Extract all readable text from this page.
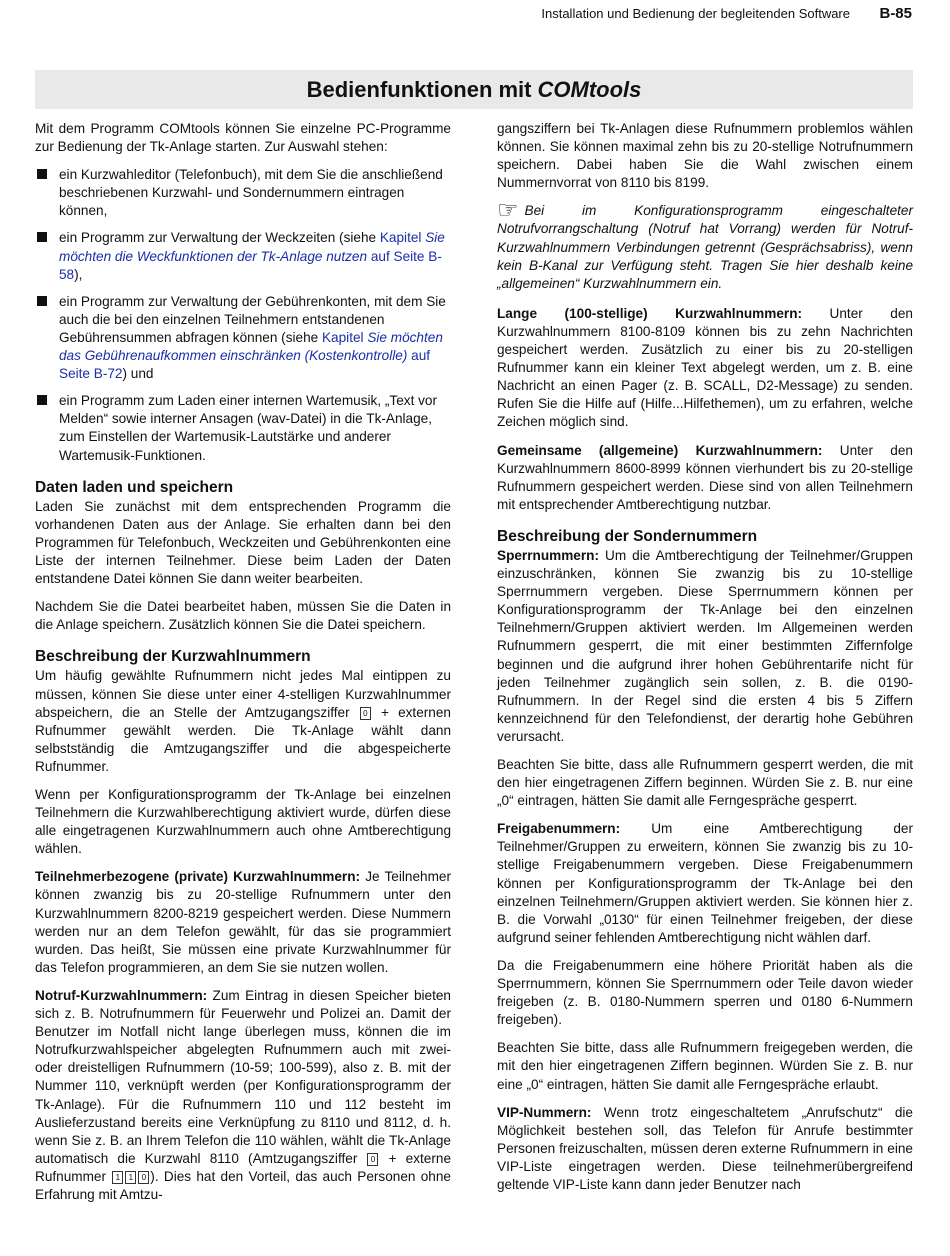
Installation und Bedienung der begleitenden Software B-85
Bedienfunktionen mit COMtools

Mit dem Programm COMtools können Sie einzelne PC-Programme zur Bedienung der Tk-Anlage starten. Zur Auswahl stehen:

ein Kurzwahleditor (Telefonbuch), mit dem Sie die anschließend beschriebenen Kurzwahl- und Sondernummern eintragen können,
ein Programm zur Verwaltung der Weckzeiten (siehe Kapitel Sie möchten die Weckfunktionen der Tk-Anlage nutzen auf Seite B-58),
ein Programm zur Verwaltung der Gebührenkonten, mit dem Sie auch die bei den einzelnen Teilnehmern entstandenen Gebührensummen abfragen können (siehe Kapitel Sie möchten das Gebührenaufkommen einschränken (Kostenkontrolle) auf Seite B-72) und
ein Programm zum Laden einer internen Wartemusik, „Text vor Melden“ sowie interner Ansagen (wav-Datei) in die Tk-Anlage, zum Einstellen der Wartemusik-Lautstärke und anderer Wartemusik-Funktionen.
Daten laden und speichern

Laden Sie zunächst mit dem entsprechenden Programm die vorhandenen Daten aus der Anlage. Sie erhalten dann bei den Programmen für Telefonbuch, Weckzeiten und Gebührenkonten eine Liste der internen Teilnehmer. Diese beim Laden der Daten entstandene Datei können Sie dann weiter bearbeiten.

Nachdem Sie die Datei bearbeitet haben, müssen Sie die Daten in die Anlage speichern. Zusätzlich können Sie die Datei speichern.

Beschreibung der Kurzwahlnummern

Um häufig gewählte Rufnummern nicht jedes Mal eintippen zu müssen, können Sie diese unter einer 4-stelligen Kurzwahlnummer abspeichern, die an Stelle der Amtzugangsziffer 0 + externen Rufnummer gewählt werden. Die Tk-Anlage wählt dann selbstständig die Amtzugangsziffer und die abgespeicherte Rufnummer.

Wenn per Konfigurationsprogramm der Tk-Anlage bei einzelnen Teilnehmern die Kurzwahlberechtigung aktiviert wurde, dürfen diese alle eingetragenen Kurzwahlnummern auch ohne Amtberechtigung wählen.

Teilnehmerbezogene (private) Kurzwahlnummern: Je Teilnehmer können zwanzig bis zu 20-stellige Rufnummern unter den Kurzwahlnummern 8200-8219 gespeichert werden. Diese Nummern werden nur an dem Telefon gewählt, für das sie programmiert wurden. Das heißt, Sie müssen eine private Kurzwahlnummer für das Telefon programmieren, an dem Sie sie nutzen wollen.

Notruf-Kurzwahlnummern: Zum Eintrag in diesen Speicher bieten sich z. B. Notrufnummern für Feuerwehr und Polizei an. Damit der Benutzer im Notfall nicht lange überlegen muss, können die im Notrufkurzwahlspeicher abgelegten Rufnummern auch mit zwei- oder dreistelligen Rufnummern (10-59; 100-599), also z. B. mit der Nummer 110, verknüpft werden (per Konfigurationsprogramm der Tk-Anlage). Für die Rufnummern 110 und 112 besteht im Auslieferzustand bereits eine Verknüpfung zu 8110 und 8112, d. h. wenn Sie z. B. an Ihrem Telefon die 110 wählen, wählt die Tk-Anlage automatisch die Kurzwahl 8110 (Amtzugangsziffer 0 + externe Rufnummer 1 1 0 ). Dies hat den Vorteil, das auch Personen ohne Erfahrung mit Amtzu-

gangsziffern bei Tk-Anlagen diese Rufnummern problemlos wählen können. Sie können maximal zehn bis zu 20-stellige Notrufnummern speichern. Dabei haben Sie die Wahl zwischen einem Nummernvorrat von 8110 bis 8199.

☞ Bei im Konfigurationsprogramm eingeschalteter Notrufvorrangschaltung (Notruf hat Vorrang) werden für Notruf-Kurzwahlnummern Verbindungen getrennt (Gesprächsabriss), wenn kein B-Kanal zur Verfügung steht. Tragen Sie hier deshalb keine „allgemeinen“ Kurzwahlnummern ein.

Lange (100-stellige) Kurzwahlnummern: Unter den Kurzwahlnummern 8100-8109 können bis zu zehn Nachrichten gespeichert werden. Zusätzlich zu einer bis zu 20-stelligen Rufnummer kann ein kleiner Text abgelegt werden, um z. B. eine Nachricht an einen Pager (z. B. SCALL, D2-Message) zu senden. Rufen Sie die Hilfe auf (Hilfe...Hilfethemen), um zu erfahren, welche Zeichen möglich sind.

Gemeinsame (allgemeine) Kurzwahlnummern: Unter den Kurzwahlnummern 8600-8999 können vierhundert bis zu 20-stellige Rufnummern gespeichert werden. Diese sind von allen Teilnehmern mit entsprechender Amtberechtigung nutzbar.

Beschreibung der Sondernummern

Sperrnummern: Um die Amtberechtigung der Teilnehmer/Gruppen einzuschränken, können Sie zwanzig bis zu 10-stellige Sperrnummern vergeben. Diese Sperrnummern können per Konfigurationsprogramm der Tk-Anlage bei den einzelnen Teilnehmern/Gruppen aktiviert werden. Im Allgemeinen werden Rufnummern gesperrt, die mit einer bestimmten Ziffernfolge beginnen und die aufgrund ihrer hohen Gebührentarife nicht für jeden Teilnehmer zugänglich sein sollen, z. B. die 0190-Rufnummern. In der Regel sind die ersten 4 bis 5 Ziffern kennzeichnend für den Telefondienst, der derartig hohe Gebühren verursacht.

Beachten Sie bitte, dass alle Rufnummern gesperrt werden, die mit den hier eingetragenen Ziffern beginnen. Würden Sie z. B. nur eine „0“ eintragen, hätten Sie damit alle Ferngespräche gesperrt.

Freigabenummern: Um eine Amtberechtigung der Teilnehmer/Gruppen zu erweitern, können Sie zwanzig bis zu 10-stellige Freigabenummern vergeben. Diese Freigabenummern können per Konfigurationsprogramm der Tk-Anlage bei den einzelnen Teilnehmern/Gruppen aktiviert werden. Sie können hier z. B. die Vorwahl „0130“ für einen Teilnehmer freigeben, der diese aufgrund seiner fehlenden Amtberechtigung nicht wählen darf.

Da die Freigabenummern eine höhere Priorität haben als die Sperrnummern, können Sie Sperrnummern oder Teile davon wieder freigeben (z. B. 0180-Nummern sperren und 0180 6-Nummern freigeben).

Beachten Sie bitte, dass alle Rufnummern freigegeben werden, die mit den hier eingetragenen Ziffern beginnen. Würden Sie z. B. nur eine „0“ eintragen, hätten Sie damit alle Ferngespräche erlaubt.

VIP-Nummern: Wenn trotz eingeschaltetem „Anrufschutz“ die Möglichkeit bestehen soll, das Telefon für Anrufe bestimmter Personen freizuschalten, müssen deren externe Rufnummern in eine VIP-Liste eingetragen werden. Diese teilnehmerübergreifend geltende VIP-Liste kann dann jeder Benutzer nach
